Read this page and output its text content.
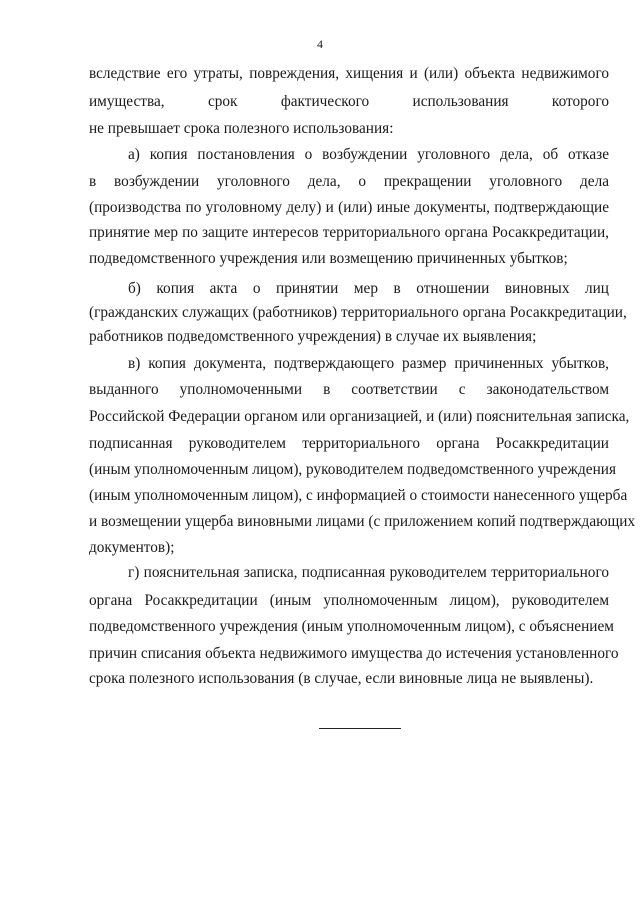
4
вследствие его утраты, повреждения, хищения и (или) объекта недвижимого
имущества, срок фактического использования которого
не превышает срока полезного использования:
а) копия постановления о возбуждении уголовного дела, об отказе
в возбуждении уголовного дела, о прекращении уголовного дела
(производства по уголовному делу) и (или) иные документы, подтверждающие
принятие мер по защите интересов территориального органа Росаккредитации,
подведомственного учреждения или возмещению причиненных убытков;
б) копия акта о принятии мер в отношении виновных лиц
(гражданских служащих (работников) территориального органа Росаккредитации,
работников подведомственного учреждения) в случае их выявления;
в) копия документа, подтверждающего размер причиненных убытков,
выданного уполномоченными в соответствии с законодательством
Российской Федерации органом или организацией, и (или) пояснительная записка,
подписанная руководителем территориального органа Росаккредитации
(иным уполномоченным лицом), руководителем подведомственного учреждения
(иным уполномоченным лицом), с информацией о стоимости нанесенного ущерба
и возмещении ущерба виновными лицами (с приложением копий подтверждающих
документов);
г) пояснительная записка, подписанная руководителем территориального
органа Росаккредитации (иным уполномоченным лицом), руководителем
подведомственного учреждения (иным уполномоченным лицом), с объяснением
причин списания объекта недвижимого имущества до истечения установленного
срока полезного использования (в случае, если виновные лица не выявлены).
